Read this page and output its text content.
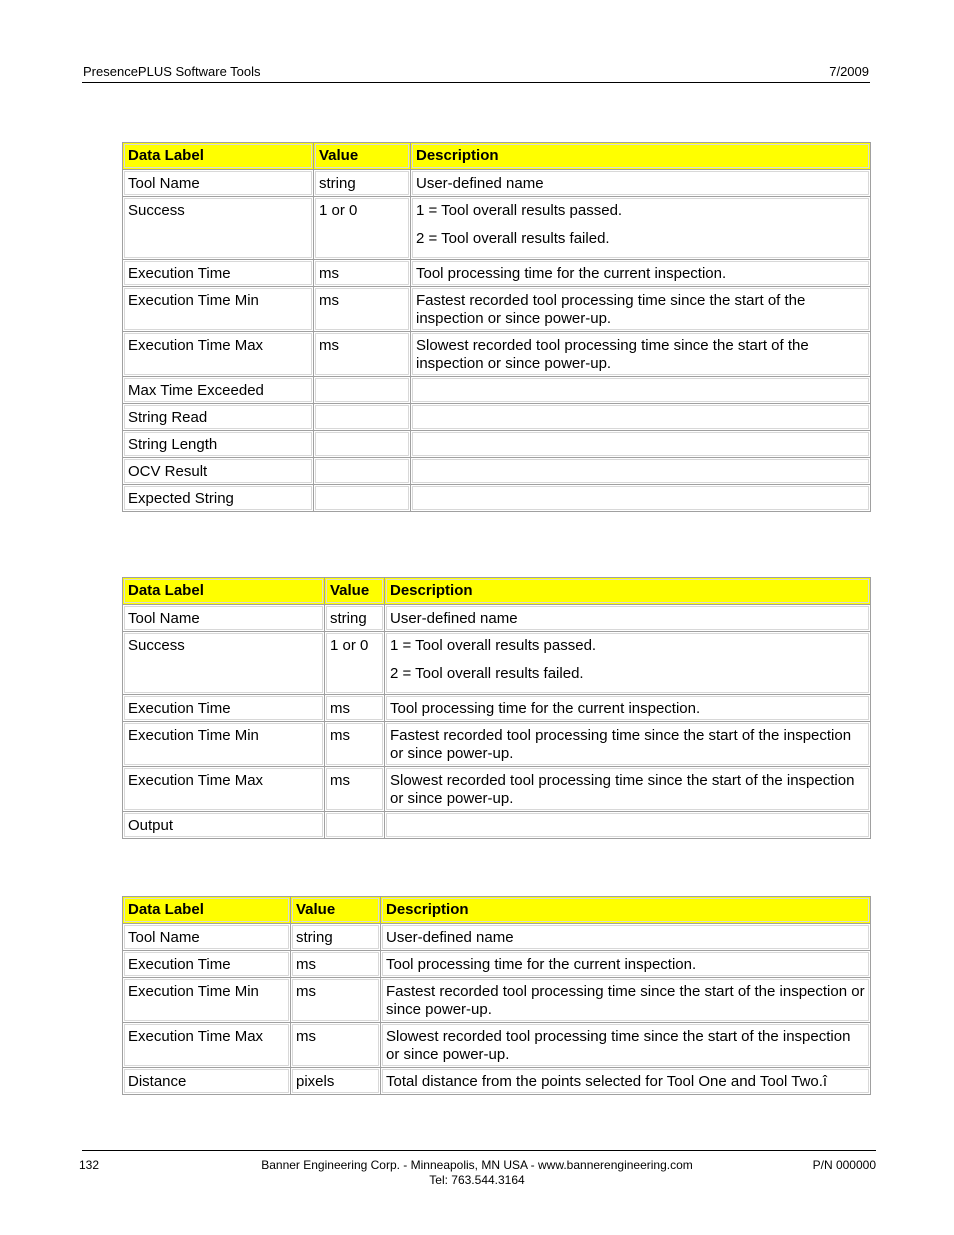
PresencePLUS Software Tools	7/2009
Data Label	Value	Description
Tool Name	string	User-defined name

Success	1 or 0	1 = Tool overall results passed.

2 = Tool overall results failed.

Execution Time	ms	Tool processing time for the current inspection.

Execution Time Min	ms	Fastest recorded tool processing time since the start of the inspection or since power-up.

Execution Time Max	ms	Slowest recorded tool processing time since the start of the inspection or since power-up.

Max Time Exceeded		

String Read		

String Length		

OCV Result		

Expected String		

Data Label	Value	Description
Tool Name	string	User-defined name

Success	1 or 0	1 = Tool overall results passed.

2 = Tool overall results failed.

Execution Time	ms	Tool processing time for the current inspection.

Execution Time Min	ms	Fastest recorded tool processing time since the start of the inspection or since power-up.

Execution Time Max	ms	Slowest recorded tool processing time since the start of the inspection or since power-up.

Output		

Data Label	Value	Description
Tool Name	string	User-defined name

Execution Time	ms	Tool processing time for the current inspection.

Execution Time Min	ms	Fastest recorded tool processing time since the start of the inspection or since power-up.

Execution Time Max	ms	Slowest recorded tool processing time since the start of the inspection or since power-up.

Distance	pixels	Total distance from the points selected for Tool One and Tool Two.î

132	Banner Engineering Corp. - Minneapolis, MN USA - www.bannerengineering.com
Tel: 763.544.3164
P/N 000000
